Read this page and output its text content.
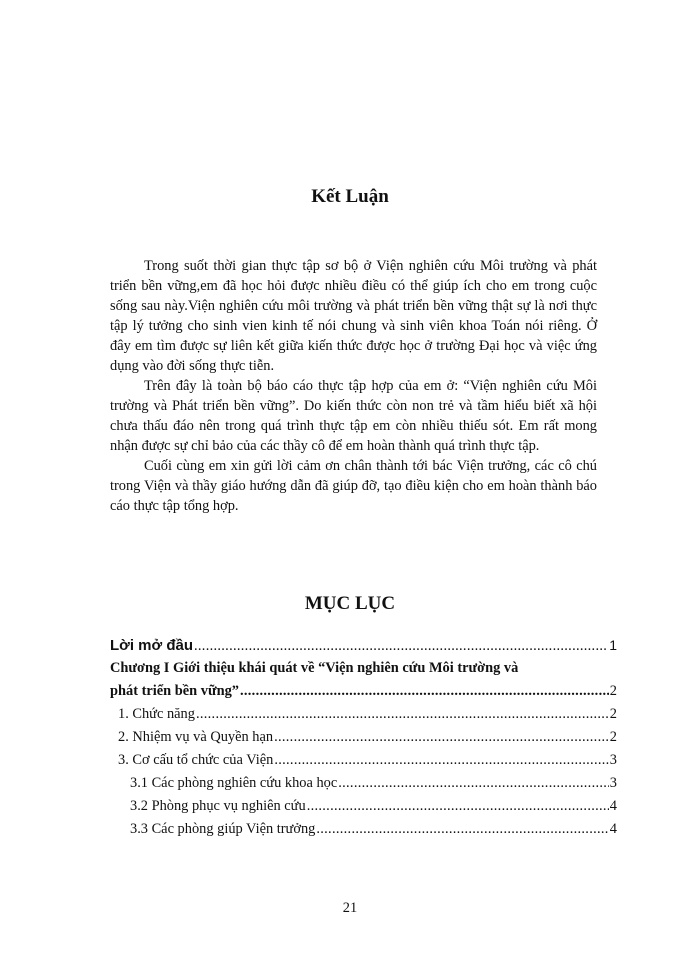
Kết Luận

Trong suốt thời gian thực tập sơ bộ ở Viện nghiên cứu Môi trường và phát triển bền vững,em đã học hỏi được nhiều điều có thể giúp ích cho em trong cuộc sống sau này.Viện nghiên cứu môi trường và phát triển bền vững thật sự là nơi thực tập lý tưởng cho sinh vien kinh tế nói chung và sinh viên khoa Toán nói riêng. Ở đây em tìm được sự liên kết giữa kiến thức được học ở trường Đại học và việc ứng dụng vào đời sống thực tiễn.

Trên đây là toàn bộ báo cáo thực tập hợp của em ở: “Viện nghiên cứu Môi trường và Phát triển bền vững”. Do kiến thức còn non trẻ và tầm hiểu biết xã hội chưa thấu đáo nên trong quá trình thực tập em còn nhiều thiếu sót. Em rất mong nhận được sự chỉ bảo của các thầy cô để em hoàn thành quá trình thực tập.

Cuối cùng em xin gửi lời cảm ơn chân thành tới bác Viện trưởng, các cô chú trong Viện và thầy giáo hướng dẫn đã giúp đỡ, tạo điều kiện cho em hoàn thành báo cáo thực tập tổng hợp.

MỤC LỤC
Lời mở đầu .....	1
Chương I Giới thiệu khái quát về “Viện nghiên cứu Môi trường và
phát triển bền vững” .....	2
1. Chức năng .....	2
2. Nhiệm vụ và Quyền hạn .....	2
3. Cơ cấu tổ chức của Viện .....	3
3.1 Các phòng nghiên cứu khoa học .....	3
3.2 Phòng phục vụ nghiên cứu .....	4
3.3 Các phòng giúp Viện trưởng .....	4
21
